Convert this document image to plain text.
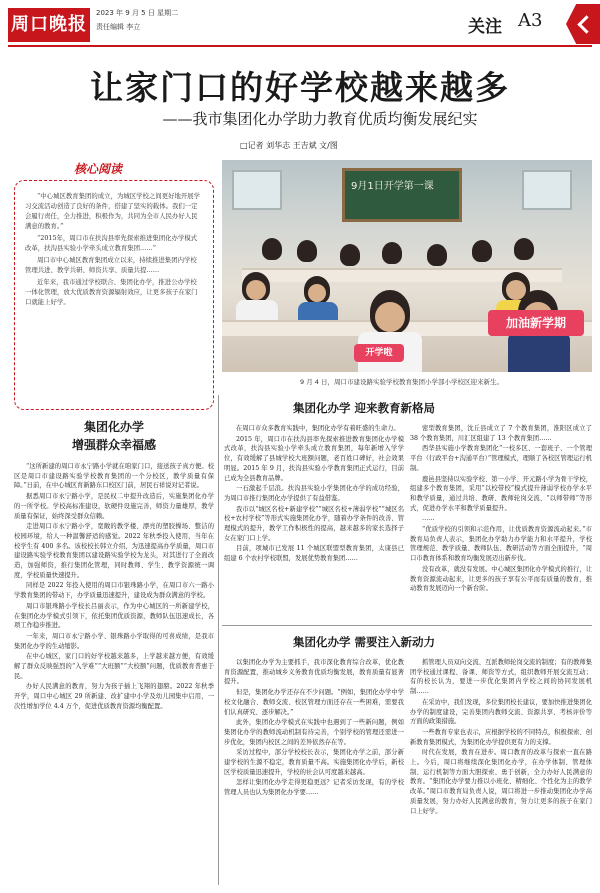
周口晚报
2023 年 9 月 5 日 星期二
责任编辑 李立	关注 A3
让家门口的好学校越来越多
——我市集团化办学助力教育优质均衡发展纪实
□记者 刘华志 王吉斌 文/图
核心阅读

“中心城区教育集团的成立，为城区学校之间更好地开展学习交流活动创造了良好的条件，搭建了坚实的载体。我们一定会履行责任，全力推进，积极作为，共同为全市人民办好人民满意的教育。”

“2015年，周口市在扶沟县率先探索推进集团化办学模式改革，扶沟县实验小学牵头成立教育集团……”

周口市中心城区教育集团成立以来，持续推进集团内学校管理共进、教学共研、师资共享、质量共提……

近年来，我市通过学校联合、集团化办学，推进公办学校一体化管理，放大优质教育资源辐射效应，让更多孩子在家门口就能上好学。

9月1日开学第一课
开学啦
加油新学期
9 月 4 日，周口市建设路实验学校教育集团小学部小学校区迎来新生。
集团化办学
增强群众幸福感

“这所新建的周口市永宁路小学就在咱家门口，接送孩子真方便。校区是周口市建设路实验学校教育集团的一个分校区，教学质量有保障。”日前，在中心城区育新路东口校区门前，居民石祥说对记者说。

据悉周口市永宁路小学，是民权二中提升改造后，实施集团化办学的一所学校。学校高标准建设，软硬件设施完善，师资力量雄厚，教学质量有保证，始终深受群众信赖。

走进周口市永宁路小学，宽敞的教学楼、漂亮的塑胶操场、整洁的校园环境，给人一种温馨舒适的感觉。2022 年秋季投入使用，当年在校学生有 400 多名。该校校长韩立介绍，为迅速提高办学质量，周口市建设路实验学校教育集团以建设路实验学校为龙头，对其进行了全面改造，加强师资，推行集团化管理，同时教师、学生、教学资源统一调度，学校质量快速提升。

同样是 2022 年投入使用的周口市银珠路小学，在周口市六一路小学教育集团的带动下，办学质量迅速提升，建设成为群众满意的学校。

周口市银珠路小学校长吕丽表示，作为中心城区的一所新建学校，在集团化办学模式引领下，依托集团优质资源，教师队伍迅速成长，各项工作稳步推进。

一年来，周口市永宁路小学、银珠路小学取得的可喜成绩，是我市集团化办学的生动缩影。

在中心城区，家门口的好学校越来越多，上学越来越方便，有效缓解了群众反映强烈的“入学难”“大班额”“大校额”问题，优质教育普惠于民。

办好人民满意的教育，努力为孩子插上飞翔的翅膀。2022 年秋季开学，周口中心城区 29 所新建、改扩建中小学及幼儿园集中启用，一次性增加学位 4.4 万个，促进优质教育资源均衡配置。

集团化办学 迎来教育新格局

在周口市众多教育实践中，集团化办学有着旺盛的生命力。

2015 年，周口市在扶沟县率先探索推进教育集团化办学模式改革，扶沟县实验小学牵头成立教育集团，每年新增入学学位，有效缓解了县城学校大班额问题，老百姓口碑好，社会效果明显。2015 年 9 月，扶沟县实验小学教育集团正式运行，目前已成为全县教育品牌。

一石激起千层浪。扶沟县实验小学集团化办学的成功经验，为周口市推行集团化办学提供了有益借鉴。

我市以“城区名校+新建学校”“城区名校+薄弱学校”“城区名校+农村学校”等形式实施集团化办学，随着办学条件的改善、管理模式的提升，教学工作积极性的提高，越来越多的家长选择子女在家门口上学。

目前，项城市已发展 11 个城区联盟型教育集团，太康县已组建 6 个农村学校联盟，发展优势教育集团……

密型教育集团，沈丘县成立了 7 个教育集团，淮阳区成立了 38 个教育集团，川汇区组建了 13 个教育集团……

西华县实施小学教育集团化“一校多区、一套班子、一个管理平台（行政平台+沟通平台）”管理模式，理顺了各校区管理运行机制。

鹿邑县坚持以实验学校、第一小学、开元路小学为骨干学校，组建多个教育集团，采用“以校带校”模式提升薄弱学校办学水平和教学质量，通过共培、教研、教师轮岗交流、“以师带师”等形式，促进办学水平和教学质量提升。

……

“优质学校的引领和示范作用，让优质教育资源流动起来。”市教育局负责人表示，集团化办学助力办学能力和水平提升，学校管理规范、教学质量、教师队伍、教研活动等方面全面提升，“周口市教育体系和教育均衡发展迈出新步伐。

没有改革，就没有发展。中心城区集团化办学模式的推行，让教育资源流动起来，让更多的孩子享有公平而有质量的教育，推动教育发展迈向一个新台阶。

集团化办学 需要注入新动力

以集团化办学为主要抓手，我市深化教育综合改革，优化教育资源配置，推动城乡义务教育优质均衡发展，教育质量有显著提升。

但是，集团化办学还存在不少问题。“例如，集团化办学中学校文化融合、教师交流、校区管理方面还存在一些困难，需要我们认真研究、逐步解决。”

此外，集团化办学模式在实践中也遇到了一些新问题，例如集团化办学的教师流动机制有待完善，个别学校的管理还需进一步优化，集团内校区之间的差异依然存在等。

采访过程中，部分学校校长表示，集团化办学之前，部分新建学校的生源不稳定，教育质量不高。实施集团化办学后，新校区学校质量迅速提升，学校的社会认可度越来越高。

怎样让集团化办学走得更稳更远？记者采访发现，有的学校管理人员也认为集团化办学要……

抓管理人员双向交流、互派教师轮岗交流的制度；有的教师集团学校通过课程、备课、师资等方式，组织教师开展交流互动；有的校长认为，要进一步优化集团内学校之间的协同发展机制……

在采访中，我们发现，多位集团校长建议，要加快推进集团化办学的制度建设，完善集团内教师交流、资源共享、考核评价等方面的政策措施。

一些教育专家也表示，应根据学校的不同特点，积极探索、创新教育集团模式，为集团化办学提供更有力的支撑。

时代在发展，教育在进步。周口教育的改革与探索一直在路上。今后，周口将继续深化集团化办学，在办学体制、管理体制、运行机制等方面大胆探索、勇于创新，全力办好人民满意的教育。“集团化办学要力推以小班化、精细化、个性化为主的教学改革。”周口市教育局负责人说，周口将进一步推动集团化办学高质量发展，努力办好人民满意的教育，努力让更多的孩子在家门口上好学。
